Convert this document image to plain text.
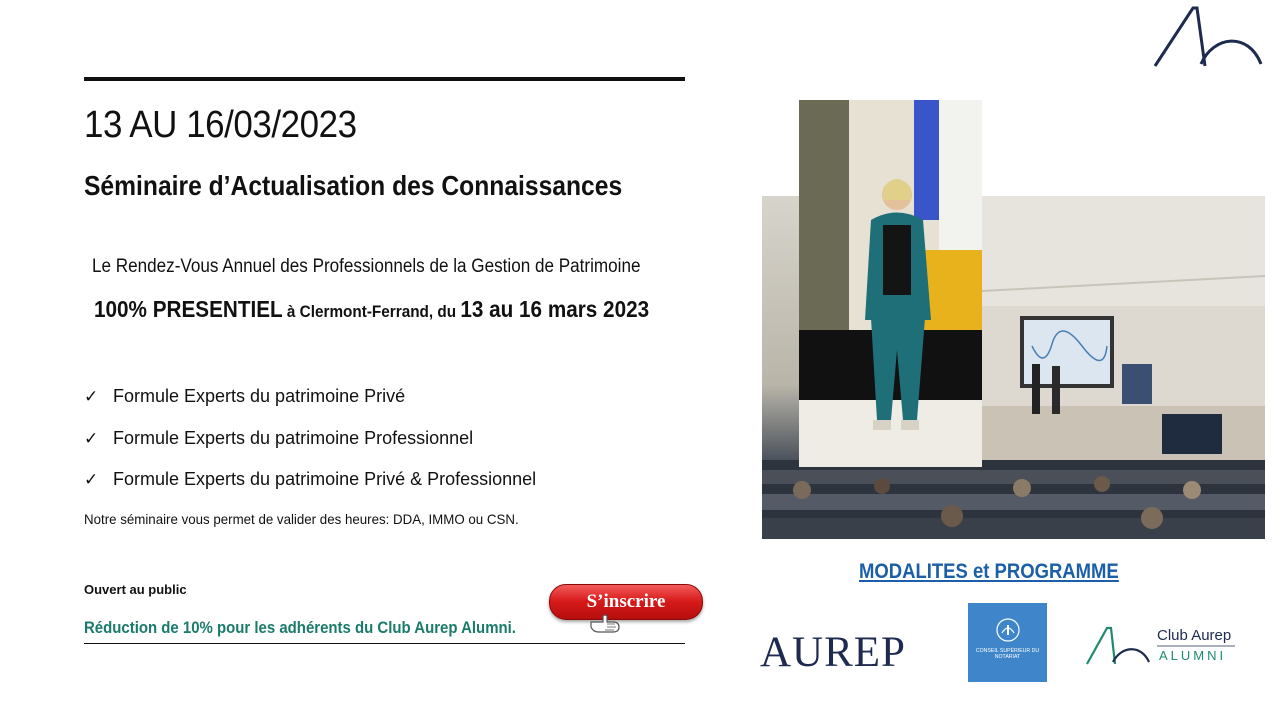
13 AU 16/03/2023
Séminaire d’Actualisation des Connaissances
Le Rendez-Vous Annuel des Professionnels de la Gestion de Patrimoine
100% PRESENTIEL à Clermont-Ferrand, du 13 au 16 mars 2023
✓ Formule Experts du patrimoine Privé
✓ Formule Experts du patrimoine Professionnel
✓ Formule Experts du patrimoine Privé & Professionnel
Notre séminaire vous permet de valider des heures: DDA, IMMO ou CSN.
Ouvert au public
Réduction de 10% pour les adhérents du Club Aurep Alumni.
S’inscrire
MODALITES et PROGRAMME
AUREP	CONSEIL SUPÉRIEUR DU NOTARIAT
Club Aurep
ALUMNI
